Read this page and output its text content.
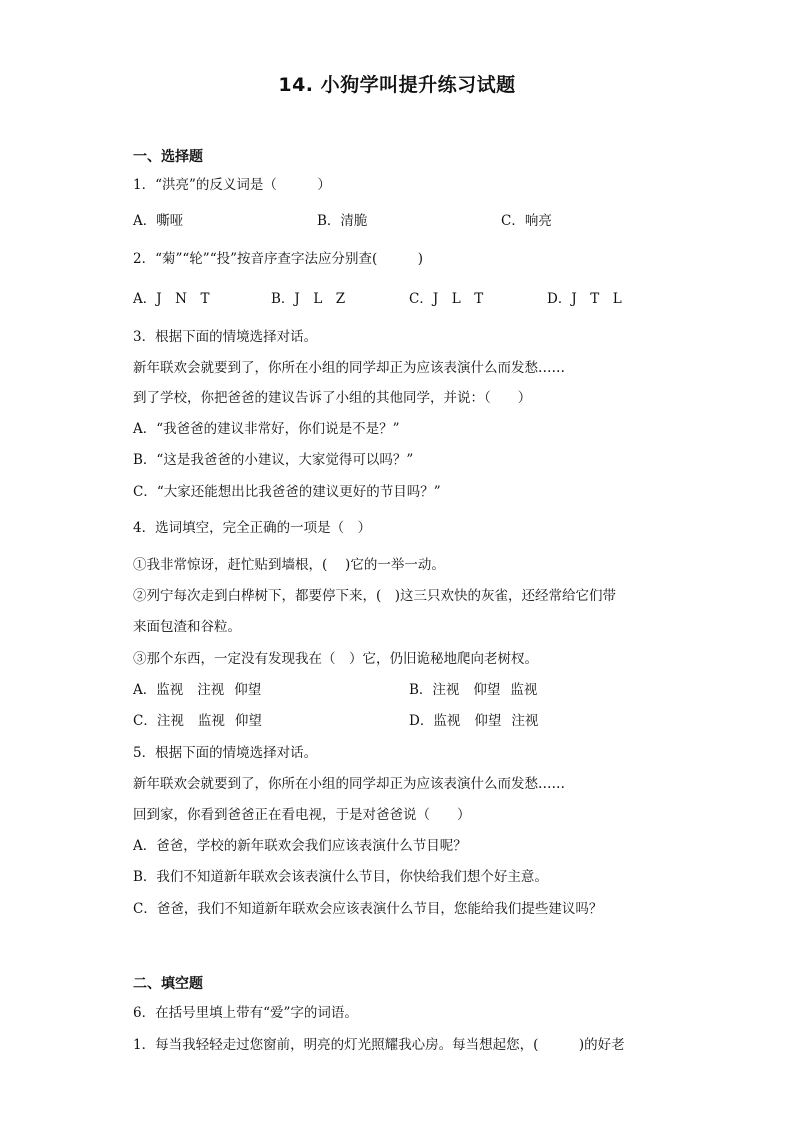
14. 小狗学叫提升练习试题
一、选择题
1．“洪亮”的反义词是（　　　）
A．嘶哑	B．清脆	C．响亮
2．“菊”“轮”“投”按音序查字法应分别查(　　　)
A．J　N　T	B．J　L　Z	C．J　L　T	D．J　T　L
3．根据下面的情境选择对话。
新年联欢会就要到了，你所在小组的同学却正为应该表演什么而发愁……
到了学校，你把爸爸的建议告诉了小组的其他同学，并说：（　　）
A．“我爸爸的建议非常好，你们说是不是？”
B．“这是我爸爸的小建议，大家觉得可以吗？”
C．“大家还能想出比我爸爸的建议更好的节目吗？”
4．选词填空，完全正确的一项是（　）
①我非常惊讶，赶忙贴到墙根，(　 )它的一举一动。
②列宁每次走到白桦树下，都要停下来，(　)这三只欢快的灰雀，还经常给它们带
来面包渣和谷粒。
③那个东西，一定没有发现我在（　）它，仍旧诡秘地爬向老树杈。
A．监视 注视 仰望	B．注视 仰望 监视
C．注视 监视 仰望	D．监视 仰望 注视
5．根据下面的情境选择对话。
新年联欢会就要到了，你所在小组的同学却正为应该表演什么而发愁……
回到家，你看到爸爸正在看电视，于是对爸爸说（　　）
A．爸爸，学校的新年联欢会我们应该表演什么节目呢？
B．我们不知道新年联欢会该表演什么节目，你快给我们想个好主意。
C．爸爸，我们不知道新年联欢会应该表演什么节目，您能给我们提些建议吗？
二、填空题
6．在括号里填上带有“爱”字的词语。
1．每当我轻轻走过您窗前，明亮的灯光照耀我心房。每当想起您，(　　　)的好老
